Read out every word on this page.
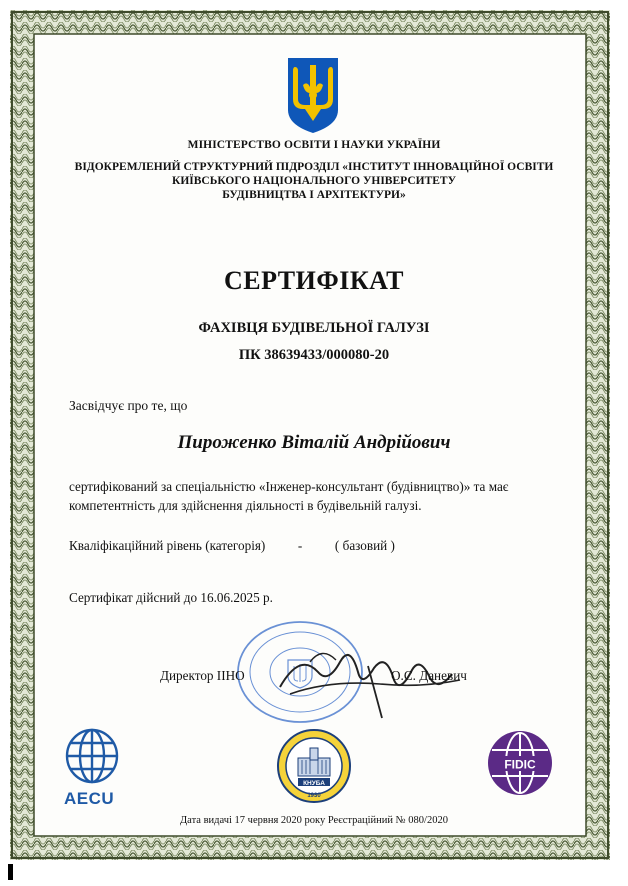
МІНІСТЕРСТВО ОСВІТИ І НАУКИ УКРАЇНИ
ВІДОКРЕМЛЕНИЙ СТРУКТУРНИЙ ПІДРОЗДІЛ «ІНСТИТУТ ІННОВАЦІЙНОЇ ОСВІТИ
КИЇВСЬКОГО НАЦІОНАЛЬНОГО УНІВЕРСИТЕТУ
БУДІВНИЦТВА І АРХІТЕКТУРИ»
СЕРТИФІКАТ
ФАХІВЦЯ БУДІВЕЛЬНОЇ ГАЛУЗІ
ПК 38639433/000080-20
Засвідчує про те, що
Пироженко Віталій Андрійович
сертифікований за спеціальністю «Інженер-консультант (будівництво)» та має
компетентність для здійснення діяльності в будівельній галузі.
Кваліфікаційний рівень (категорія) - ( базовий )
Сертифікат дійсний до 16.06.2025 р.
Директор ІІНО	О.С. Даневич
AECU
КНУБА
1930
FIDIC
Дата видачі 17 червня 2020 року Реєстраційний № 080/2020
